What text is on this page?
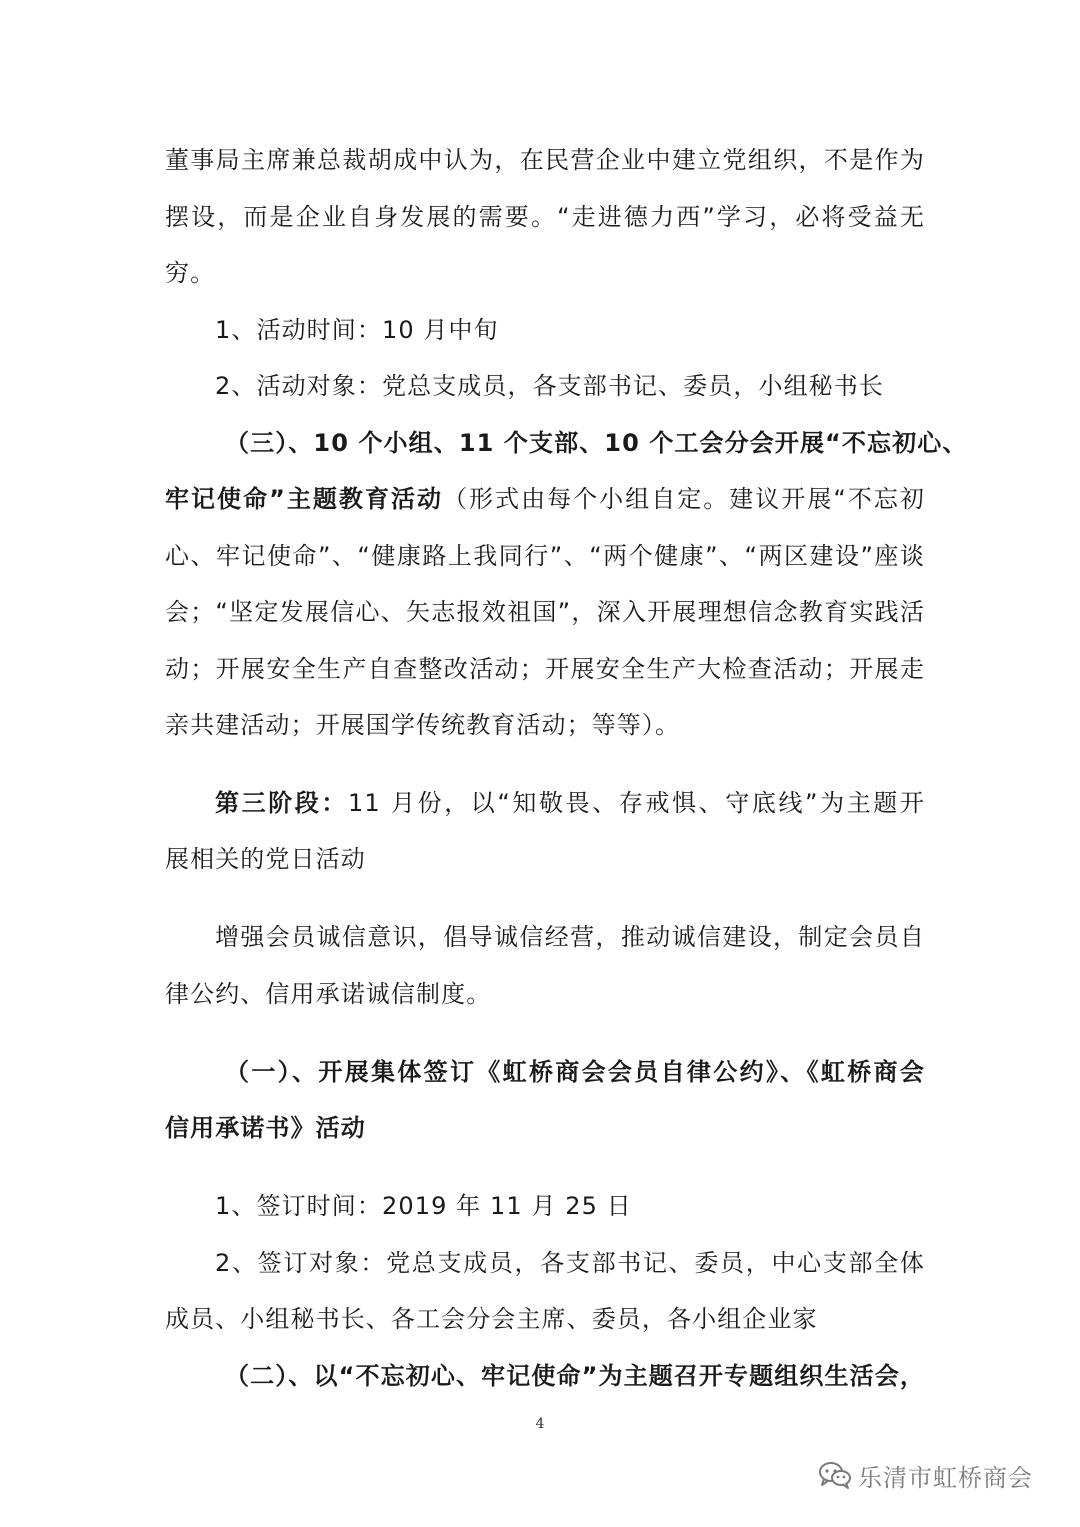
董事局主席兼总裁胡成中认为，在民营企业中建立党组织，不是作为
摆设，而是企业自身发展的需要。“走进德力西”学习，必将受益无
穷。
1、活动时间：10 月中旬
2、活动对象：党总支成员，各支部书记、委员，小组秘书长
（三）、10 个小组、11 个支部、10 个工会分会开展“不忘初心、
牢记使命”主题教育活动（形式由每个小组自定。建议开展“不忘初
心、牢记使命”、“健康路上我同行”、“两个健康”、“两区建设”座谈
会；“坚定发展信心、矢志报效祖国”，深入开展理想信念教育实践活
动；开展安全生产自查整改活动；开展安全生产大检查活动；开展走
亲共建活动；开展国学传统教育活动；等等）。
第三阶段：11 月份，以“知敬畏、存戒惧、守底线”为主题开
展相关的党日活动
增强会员诚信意识，倡导诚信经营，推动诚信建设，制定会员自
律公约、信用承诺诚信制度。
（一）、开展集体签订《虹桥商会会员自律公约》、《虹桥商会
信用承诺书》活动
1、签订时间：2019 年 11 月 25 日
2、签订对象：党总支成员，各支部书记、委员，中心支部全体
成员、小组秘书长、各工会分会主席、委员，各小组企业家
（二）、以“不忘初心、牢记使命”为主题召开专题组织生活会，
4
乐清市虹桥商会
